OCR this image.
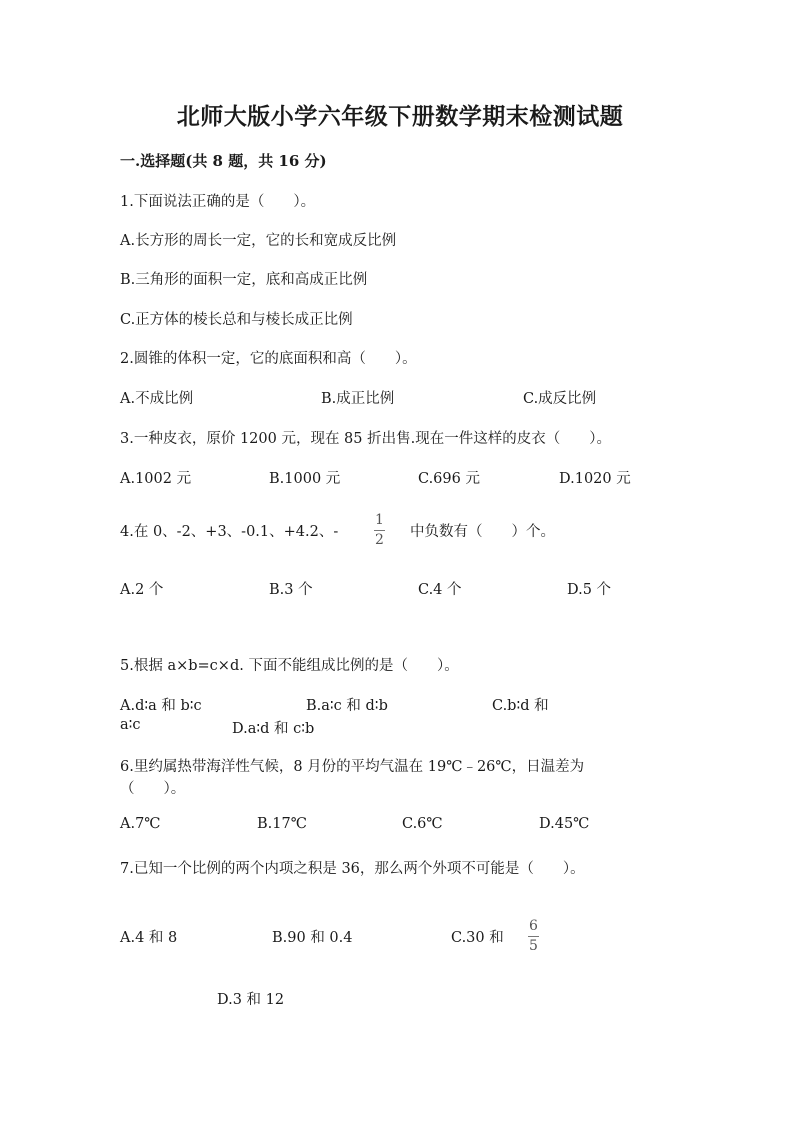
北师大版小学六年级下册数学期末检测试题
一.选择题(共 8 题，共 16 分)
1.下面说法正确的是（　　）。
A.长方形的周长一定，它的长和宽成反比例
B.三角形的面积一定，底和高成正比例
C.正方体的棱长总和与棱长成正比例
2.圆锥的体积一定，它的底面积和高（　　）。
A.不成比例	B.成正比例	C.成反比例
3.一种皮衣，原价 1200 元，现在 85 折出售.现在一件这样的皮衣（　　）。
A.1002 元	B.1000 元	C.696 元	D.1020 元
4.在 0、-2、+3、-0.1、+4.2、-
1
2 中负数有（　　）个。
A.2 个	B.3 个	C.4 个	D.5 个
5.根据 a×b=c×d. 下面不能组成比例的是（　　）。
A.d∶a 和 b∶c	B.a∶c 和 d∶b	C.b∶d 和
a∶c	D.a∶d 和 c∶b
6.里约属热带海洋性气候，8 月份的平均气温在 19℃﹣26℃，日温差为
（　　）。
A.7℃	B.17℃	C.6℃	D.45℃
7.已知一个比例的两个内项之积是 36，那么两个外项不可能是（　　）。
A.4 和 8	B.90 和 0.4	C.30 和
6
5
D.3 和 12
